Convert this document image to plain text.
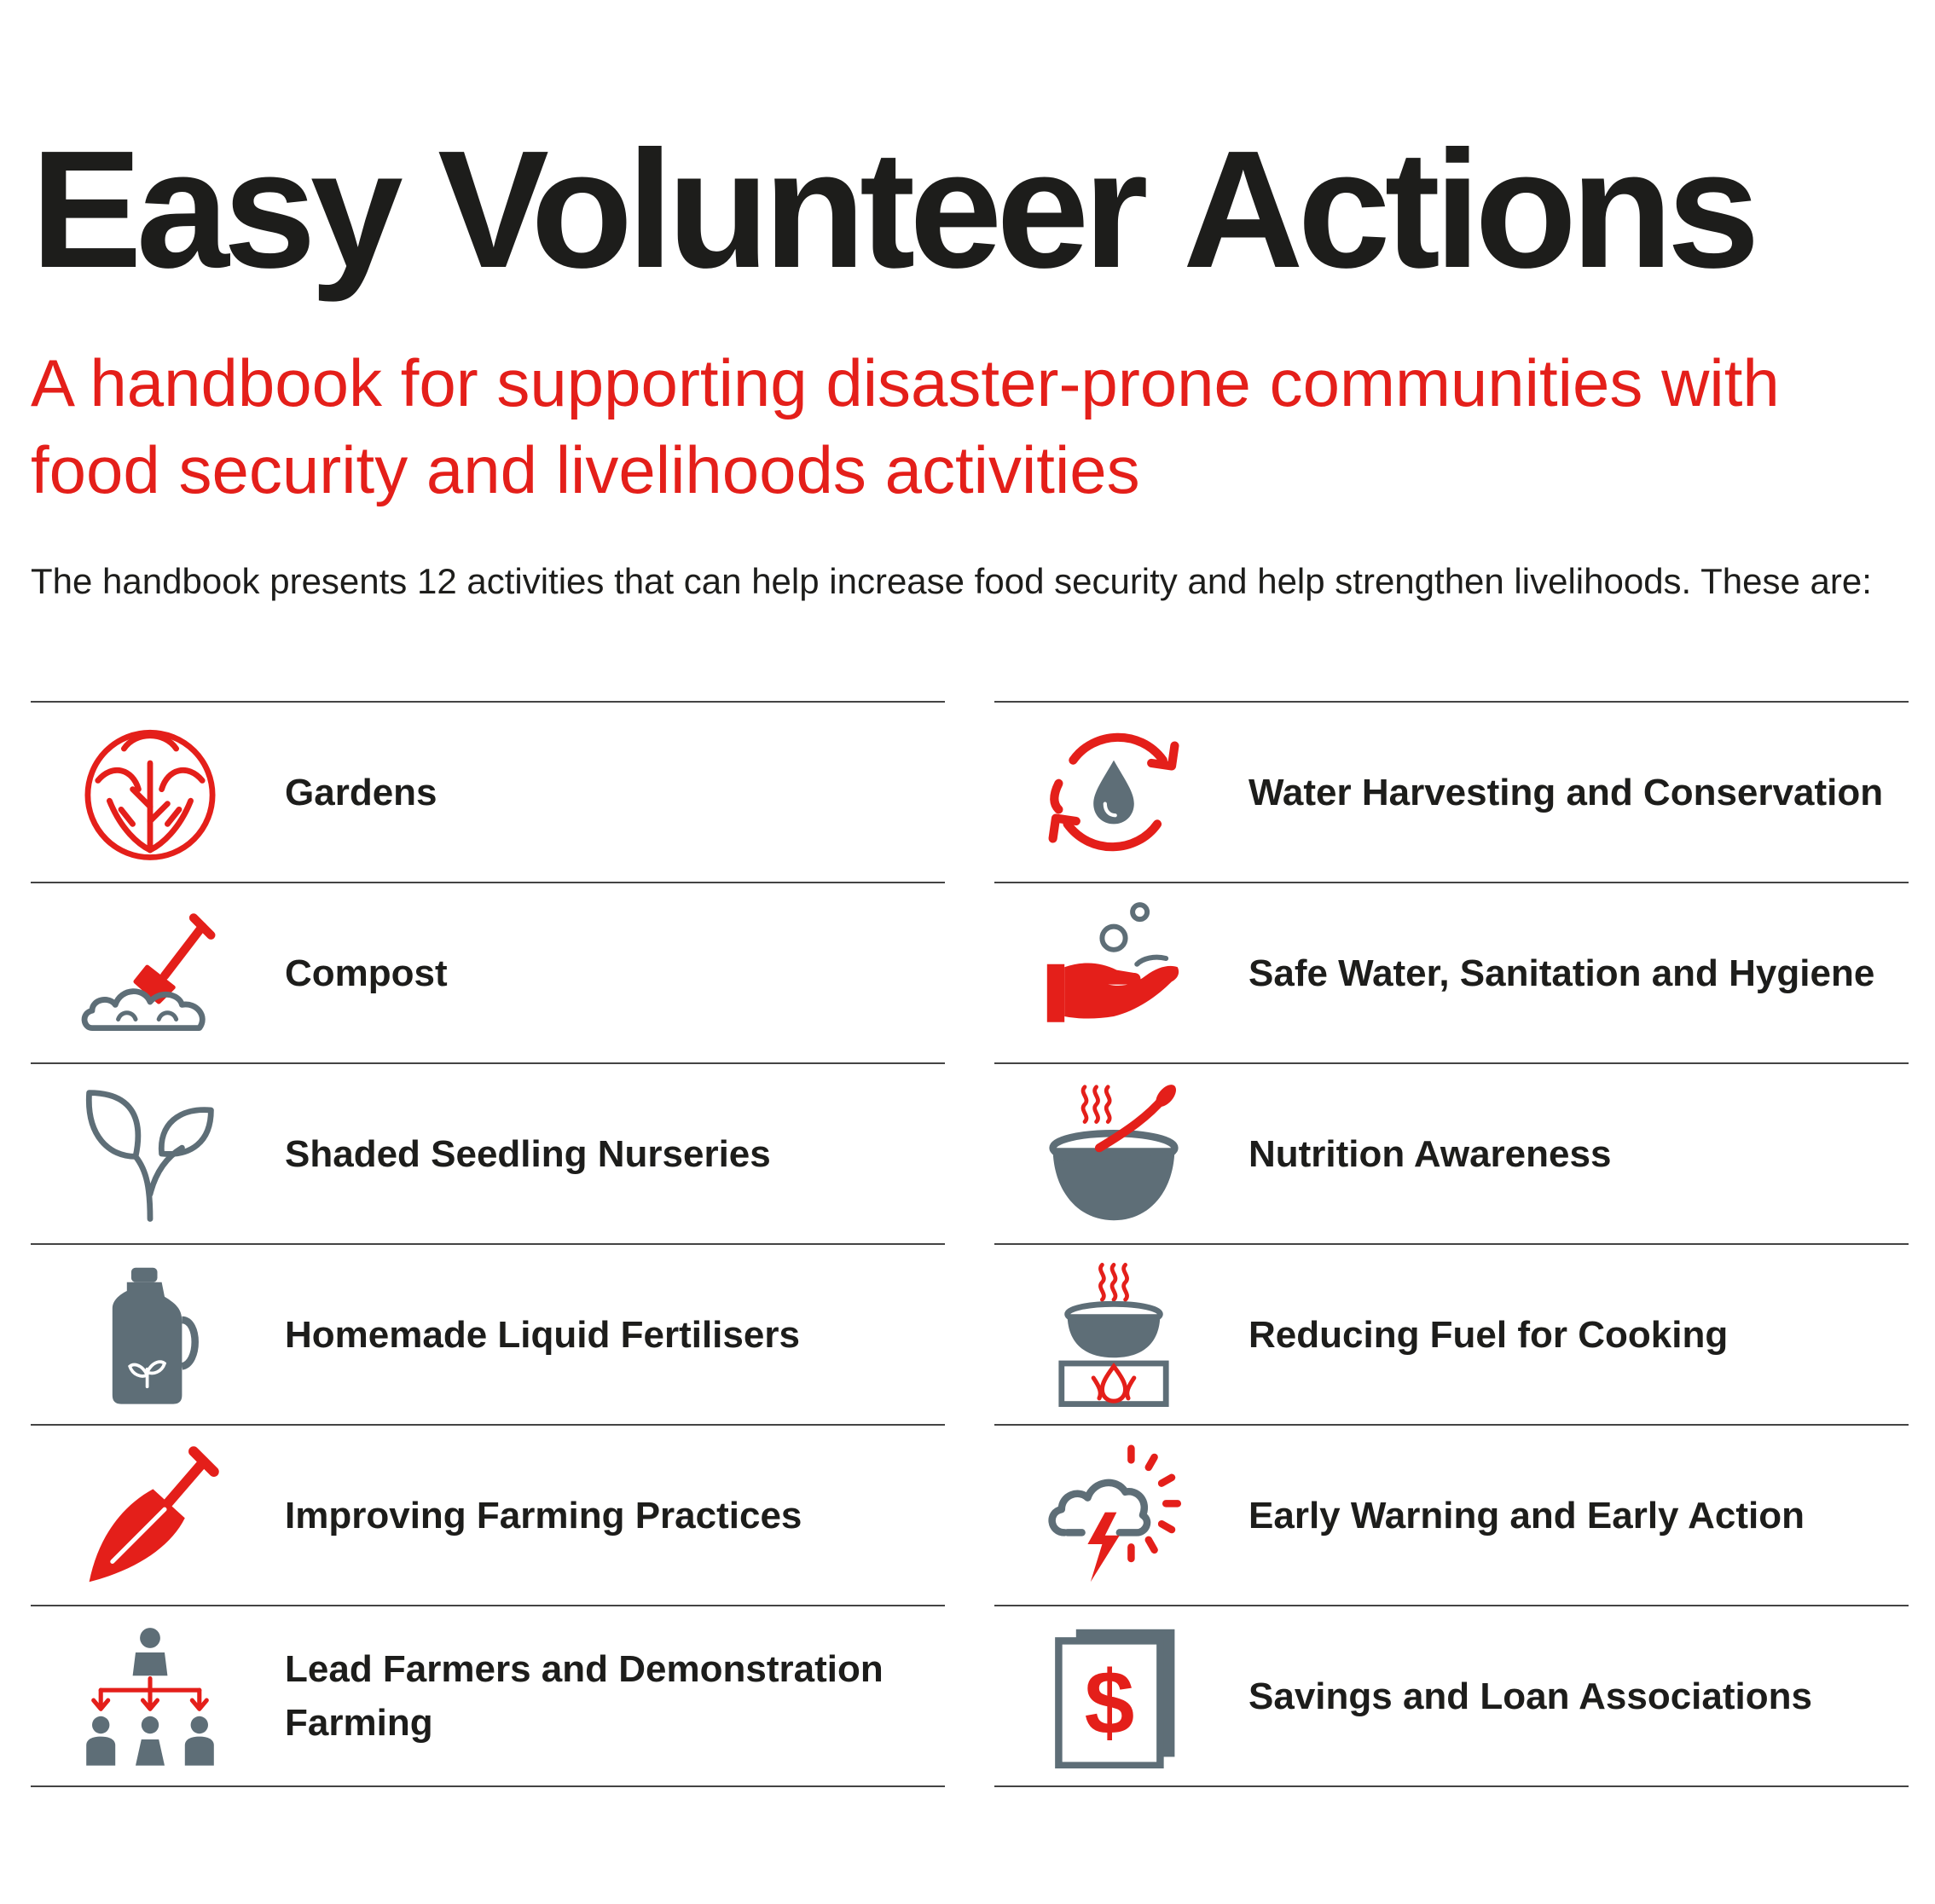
Easy Volunteer
Actions

A handbook for supporting disaster-prone communities with food security and livelihoods activities

The handbook presents 12 activities that can help increase food security and help strengthen livelihoods. These are:

Gardens
Compost
Shaded Seedling Nurseries
Homemade Liquid Fertilisers
Improving Farming Practices
Lead Farmers and Demonstration Farming
Water Harvesting and Conservation
Safe Water, Sanitation and Hygiene
Nutrition Awareness
Reducing Fuel for Cooking
Early Warning and Early Action
$	Savings and Loan Associations
